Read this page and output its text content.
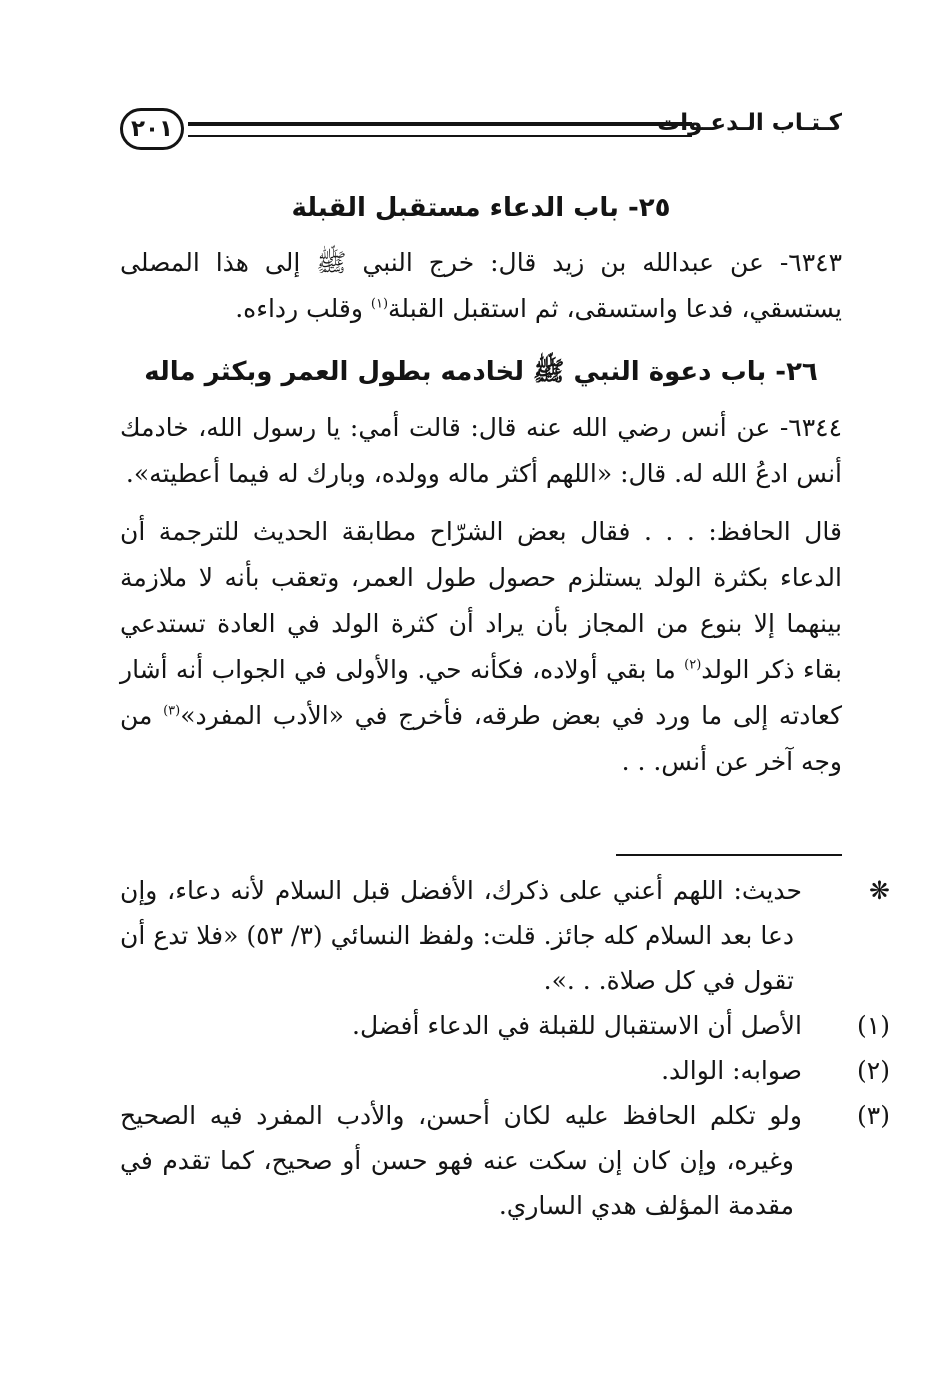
كـتـاب الـدعـوات
٢٠١
٢٥- باب الدعاء مستقبل القبلة

٦٣٤٣- عن عبدالله بن زيد قال: خرج النبي ﷺ إلى هذا المصلى يستسقي، فدعا واستسقى، ثم استقبل القبلة$^{(١)}$ وقلب رداءه.

٢٦- باب دعوة النبي ﷺ لخادمه بطول العمر وبكثر ماله

٦٣٤٤- عن أنس رضي الله عنه قال: قالت أمي: يا رسول الله، خادمك أنس ادعُ الله له. قال: «اللهم أكثر ماله وولده، وبارك له فيما أعطيته».

قال الحافظ: . . . فقال بعض الشرّاح مطابقة الحديث للترجمة أن الدعاء بكثرة الولد يستلزم حصول طول العمر، وتعقب بأنه لا ملازمة بينهما إلا بنوع من المجاز بأن يراد أن كثرة الولد في العادة تستدعي بقاء ذكر الولد$^{(٢)}$ ما بقي أولاده، فكأنه حي. والأولى في الجواب أنه أشار كعادته إلى ما ورد في بعض طرقه، فأخرج في «الأدب المفرد»$^{(٣)}$ من وجه آخر عن أنس. . .

❋حديث: اللهم أعني على ذكرك، الأفضل قبل السلام لأنه دعاء، وإن دعا بعد السلام كله جائز. قلت: ولفظ النسائي (٣/ ٥٣) «فلا تدع أن تقول في كل صلاة. . .».

(١)الأصل أن الاستقبال للقبلة في الدعاء أفضل.

(٢)صوابه: الوالد.

(٣)ولو تكلم الحافظ عليه لكان أحسن، والأدب المفرد فيه الصحيح وغيره، وإن كان إن سكت عنه فهو حسن أو صحيح، كما تقدم في مقدمة المؤلف هدي الساري.
